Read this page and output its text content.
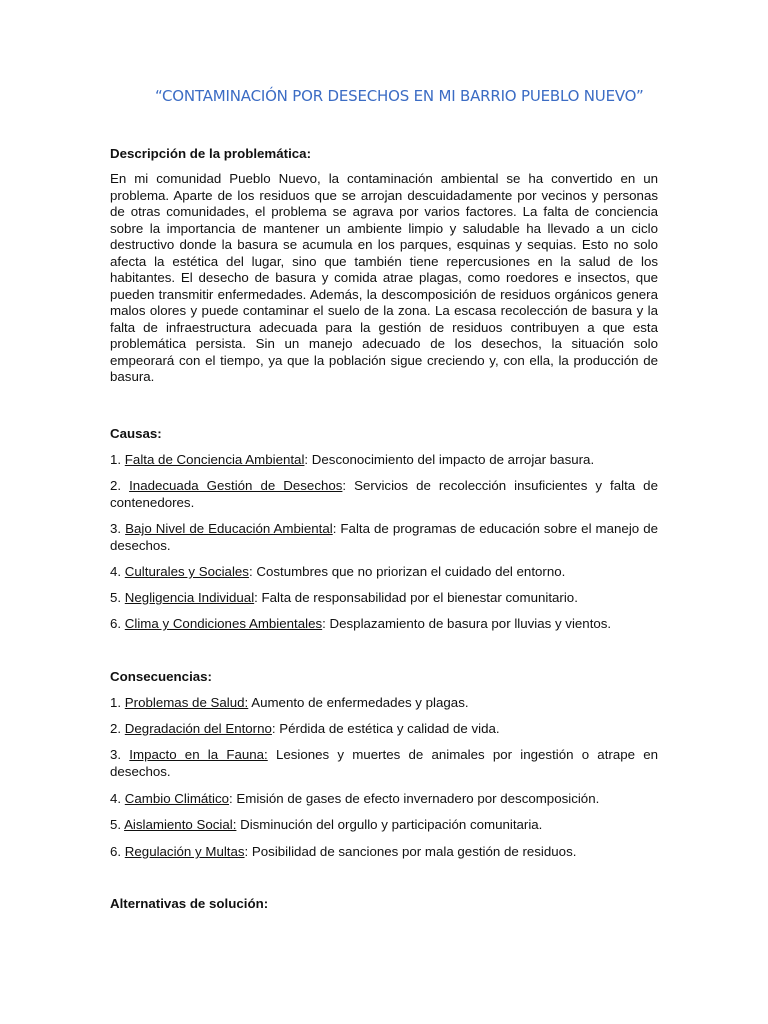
“CONTAMINACIÓN POR DESECHOS EN MI BARRIO PUEBLO NUEVO”
Descripción de la problemática:
En mi comunidad Pueblo Nuevo, la contaminación ambiental se ha convertido en un problema. Aparte de los residuos que se arrojan descuidadamente por vecinos y personas de otras comunidades, el problema se agrava por varios factores. La falta de conciencia sobre la importancia de mantener un ambiente limpio y saludable ha llevado a un ciclo destructivo donde la basura se acumula en los parques, esquinas y sequias. Esto no solo afecta la estética del lugar, sino que también tiene repercusiones en la salud de los habitantes. El desecho de basura y comida atrae plagas, como roedores e insectos, que pueden transmitir enfermedades. Además, la descomposición de residuos orgánicos genera malos olores y puede contaminar el suelo de la zona. La escasa recolección de basura y la falta de infraestructura adecuada para la gestión de residuos contribuyen a que esta problemática persista. Sin un manejo adecuado de los desechos, la situación solo empeorará con el tiempo, ya que la población sigue creciendo y, con ella, la producción de basura.
Causas:
1. Falta de Conciencia Ambiental: Desconocimiento del impacto de arrojar basura.
2. Inadecuada Gestión de Desechos: Servicios de recolección insuficientes y falta de contenedores.
3. Bajo Nivel de Educación Ambiental: Falta de programas de educación sobre el manejo de desechos.
4. Culturales y Sociales: Costumbres que no priorizan el cuidado del entorno.
5. Negligencia Individual: Falta de responsabilidad por el bienestar comunitario.
6. Clima y Condiciones Ambientales: Desplazamiento de basura por lluvias y vientos.
Consecuencias:
1. Problemas de Salud: Aumento de enfermedades y plagas.
2. Degradación del Entorno: Pérdida de estética y calidad de vida.
3. Impacto en la Fauna: Lesiones y muertes de animales por ingestión o atrape en desechos.
4. Cambio Climático: Emisión de gases de efecto invernadero por descomposición.
5. Aislamiento Social: Disminución del orgullo y participación comunitaria.
6. Regulación y Multas: Posibilidad de sanciones por mala gestión de residuos.
Alternativas de solución:
